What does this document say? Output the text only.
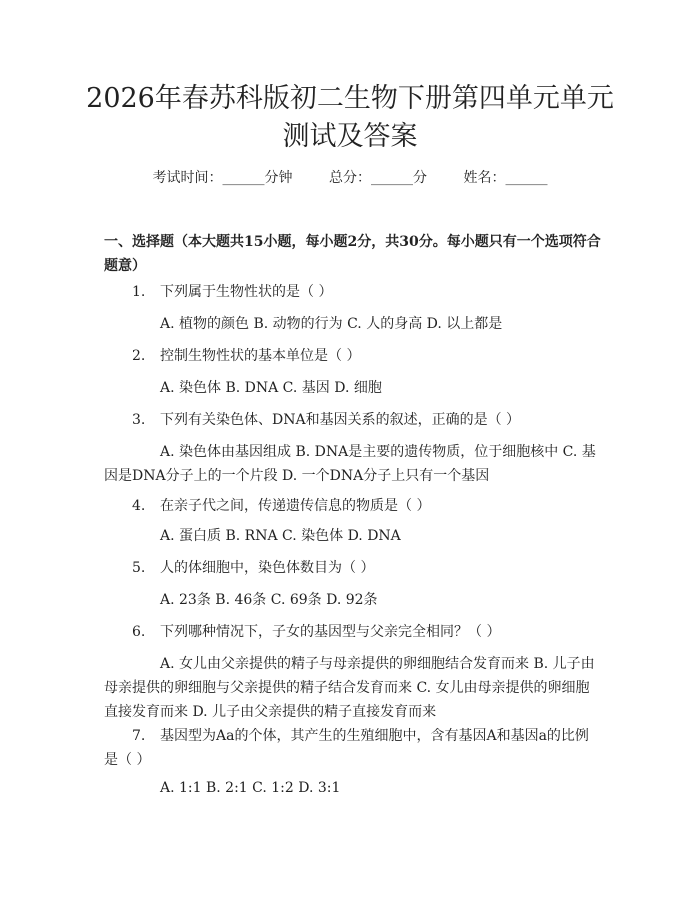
2026年春苏科版初二生物下册第四单元单元
测试及答案
考试时间：______分钟	总分：______分	姓名：______
一、选择题（本大题共15小题，每小题2分，共30分。每小题只有一个选项符合题意）
1. 下列属于生物性状的是（ ）
A. 植物的颜色 B. 动物的行为 C. 人的身高 D. 以上都是
2. 控制生物性状的基本单位是（ ）
A. 染色体 B. DNA C. 基因 D. 细胞
3. 下列有关染色体、DNA和基因关系的叙述，正确的是（ ）
A. 染色体由基因组成 B. DNA是主要的遗传物质，位于细胞核中 C. 基因是DNA分子上的一个片段 D. 一个DNA分子上只有一个基因
4. 在亲子代之间，传递遗传信息的物质是（ ）
A. 蛋白质 B. RNA C. 染色体 D. DNA
5. 人的体细胞中，染色体数目为（ ）
A. 23条 B. 46条 C. 69条 D. 92条
6. 下列哪种情况下，子女的基因型与父亲完全相同？（ ）
A. 女儿由父亲提供的精子与母亲提供的卵细胞结合发育而来 B. 儿子由母亲提供的卵细胞与父亲提供的精子结合发育而来 C. 女儿由母亲提供的卵细胞直接发育而来 D. 儿子由父亲提供的精子直接发育而来
7. 基因型为Aa的个体，其产生的生殖细胞中，含有基因A和基因a的比例是（ ）
A. 1:1 B. 2:1 C. 1:2 D. 3:1
